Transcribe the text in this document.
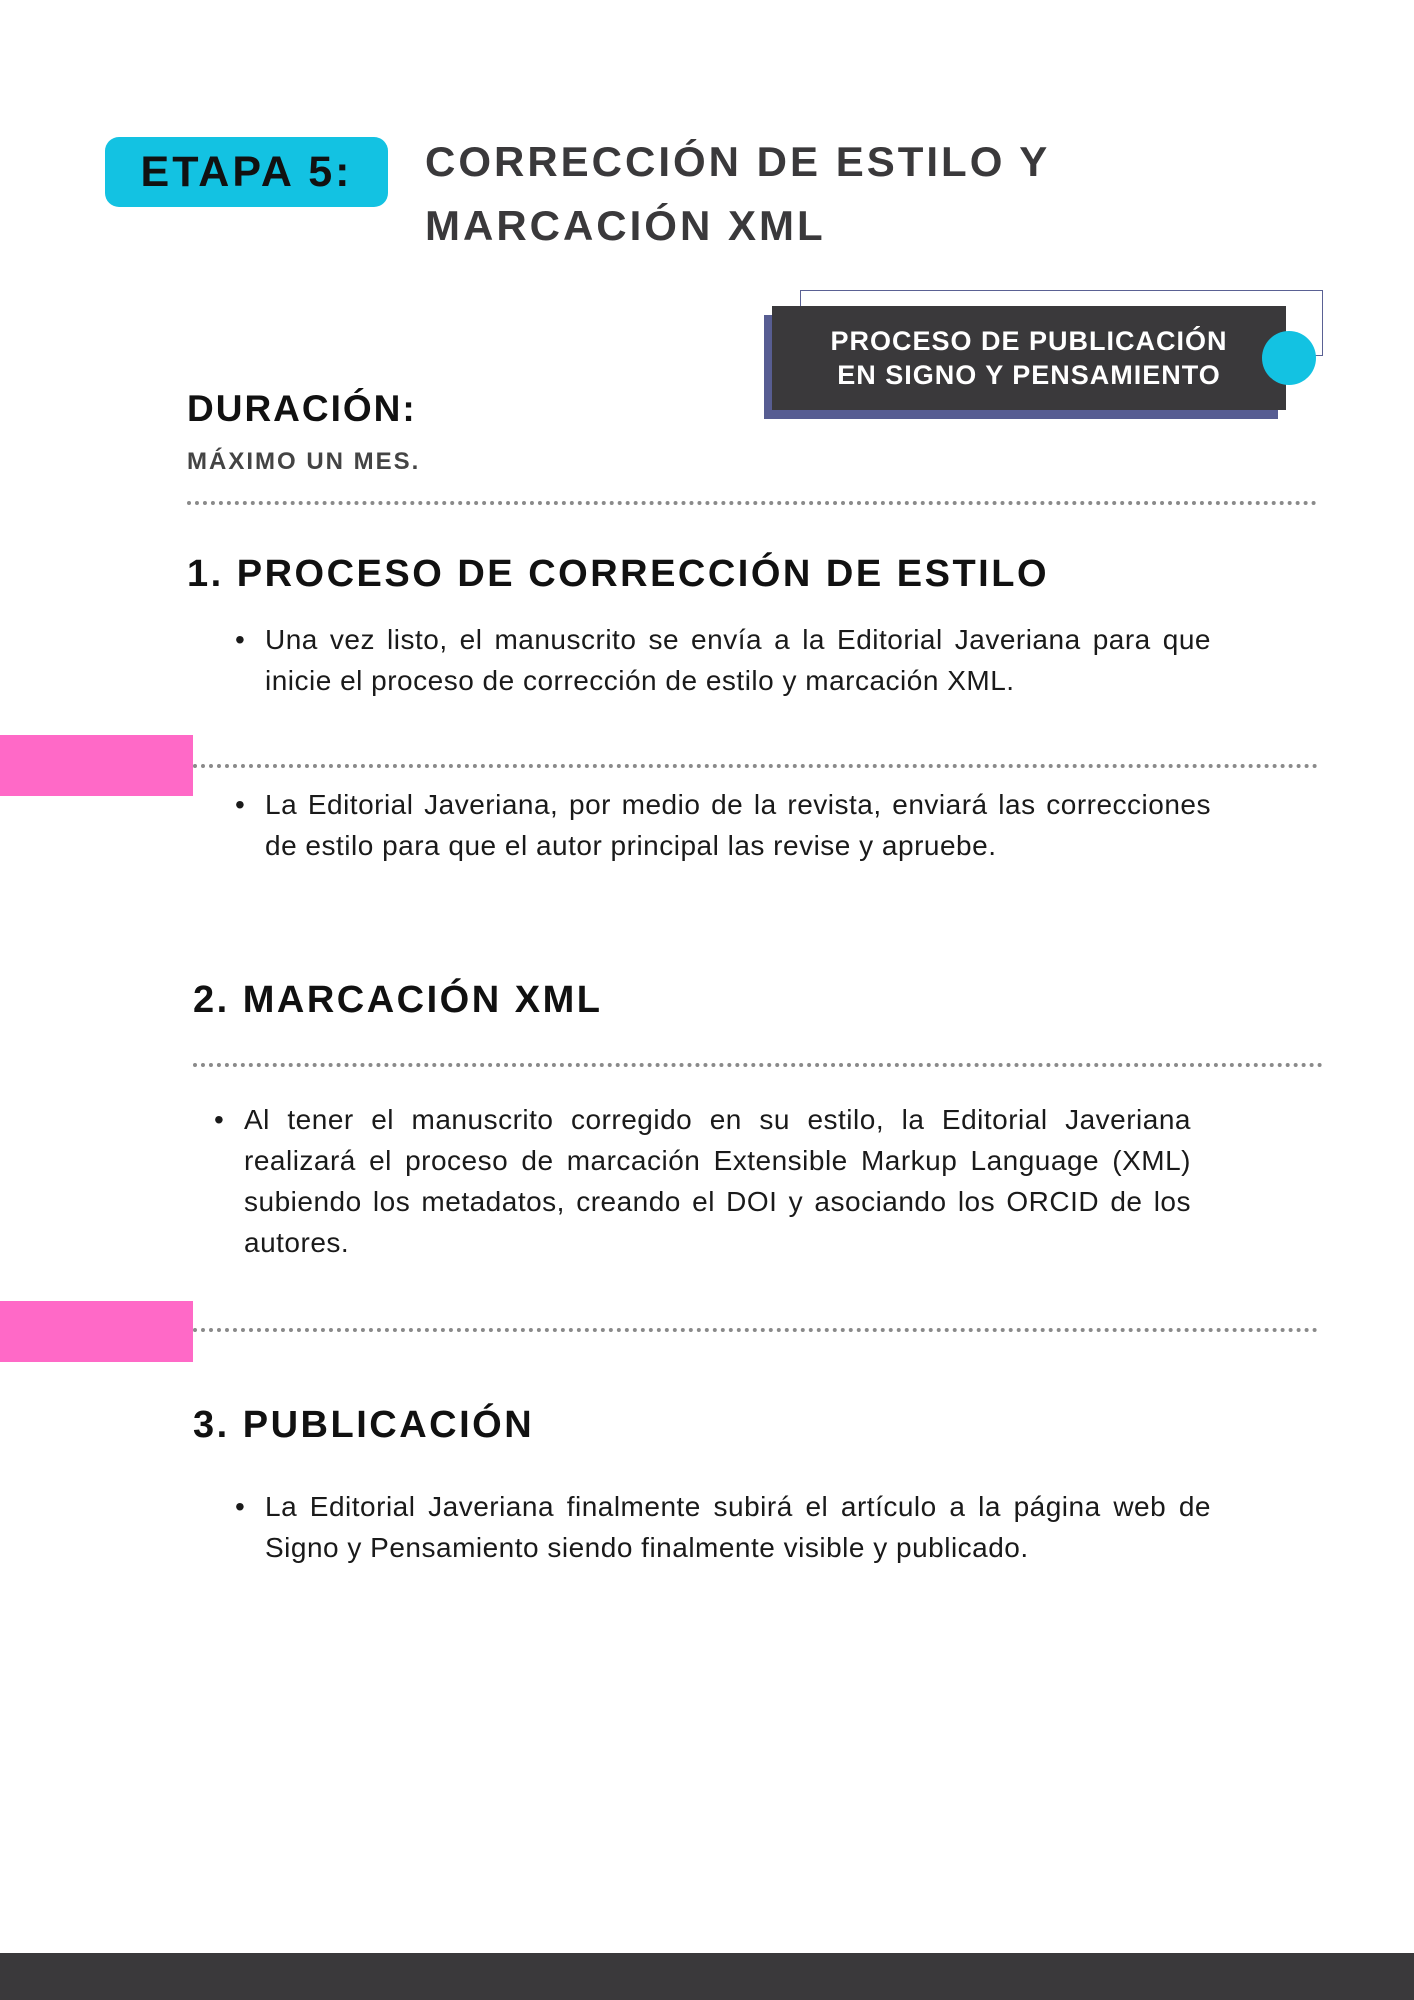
ETAPA 5:	CORRECCIÓN DE ESTILO Y
MARCACIÓN XML
PROCESO DE PUBLICACIÓN
EN SIGNO Y PENSAMIENTO
DURACIÓN:
MÁXIMO UN MES.
1. PROCESO DE CORRECCIÓN DE ESTILO
• Una vez listo, el manuscrito se envía a la Editorial Javeriana para que inicie el proceso de corrección de estilo y marcación XML.
• La Editorial Javeriana, por medio de la revista, enviará las correcciones de estilo para que el autor principal las revise y apruebe.
2. MARCACIÓN XML
• Al tener el manuscrito corregido en su estilo, la Editorial Javeriana realizará el proceso de marcación Extensible Markup Language (XML) subiendo los metadatos, creando el DOI y asociando los ORCID de los autores.
3. PUBLICACIÓN
• La Editorial Javeriana finalmente subirá el artículo a la página web de Signo y Pensamiento siendo finalmente visible y publicado.
